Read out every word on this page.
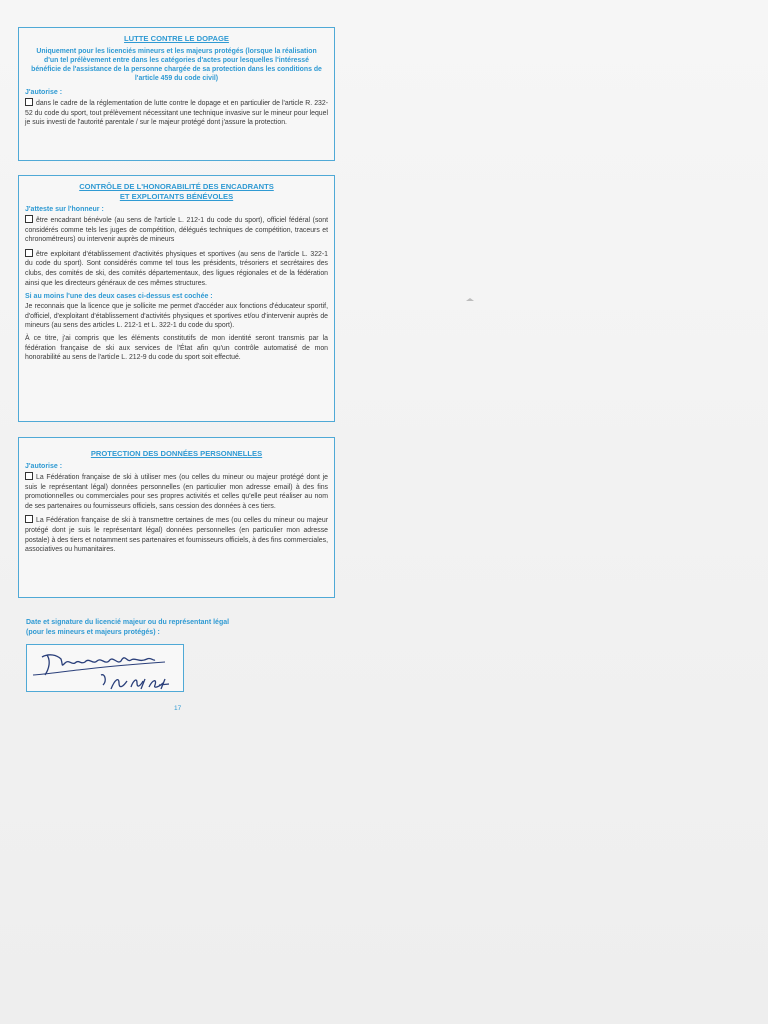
LUTTE CONTRE LE DOPAGE
Uniquement pour les licenciés mineurs et les majeurs protégés (lorsque la réalisation d'un tel prélèvement entre dans les catégories d'actes pour lesquelles l'intéressé bénéficie de l'assistance de la personne chargée de sa protection dans les conditions de l'article 459 du code civil)
J'autorise :
dans le cadre de la réglementation de lutte contre le dopage et en particulier de l'article R. 232-52 du code du sport, tout prélèvement nécessitant une technique invasive sur le mineur pour lequel je suis investi de l'autorité parentale / sur le majeur protégé dont j'assure la protection.
CONTRÔLE DE L'HONORABILITÉ DES ENCADRANTS
ET EXPLOITANTS BÉNÉVOLES
J'atteste sur l'honneur :
être encadrant bénévole (au sens de l'article L. 212-1 du code du sport), officiel fédéral (sont considérés comme tels les juges de compétition, délégués techniques de compétition, traceurs et chronométreurs) ou intervenir auprès de mineurs
être exploitant d'établissement d'activités physiques et sportives (au sens de l'article L. 322-1 du code du sport). Sont considérés comme tel tous les présidents, trésoriers et secrétaires des clubs, des comités de ski, des comités départementaux, des ligues régionales et de la fédération ainsi que les directeurs généraux de ces mêmes structures.
Si au moins l'une des deux cases ci-dessus est cochée :
Je reconnais que la licence que je sollicite me permet d'accéder aux fonctions d'éducateur sportif, d'officiel, d'exploitant d'établissement d'activités physiques et sportives et/ou d'intervenir auprès de mineurs (au sens des articles L. 212-1 et L. 322-1 du code du sport).
À ce titre, j'ai compris que les éléments constitutifs de mon identité seront transmis par la fédération française de ski aux services de l'État afin qu'un contrôle automatisé de mon honorabilité au sens de l'article L. 212-9 du code du sport soit effectué.
PROTECTION DES DONNÉES PERSONNELLES
J'autorise :
La Fédération française de ski à utiliser mes (ou celles du mineur ou majeur protégé dont je suis le représentant légal) données personnelles (en particulier mon adresse email) à des fins promotionnelles ou commerciales pour ses propres activités et celles qu'elle peut réaliser au nom de ses partenaires ou fournisseurs officiels, sans cession des données à ces tiers.
La Fédération française de ski à transmettre certaines de mes (ou celles du mineur ou majeur protégé dont je suis le représentant légal) données personnelles (en particulier mon adresse postale) à des tiers et notamment ses partenaires et fournisseurs officiels, à des fins commerciales, associatives ou humanitaires.
Date et signature du licencié majeur ou du représentant légal
(pour les mineurs et majeurs protégés) :
17
